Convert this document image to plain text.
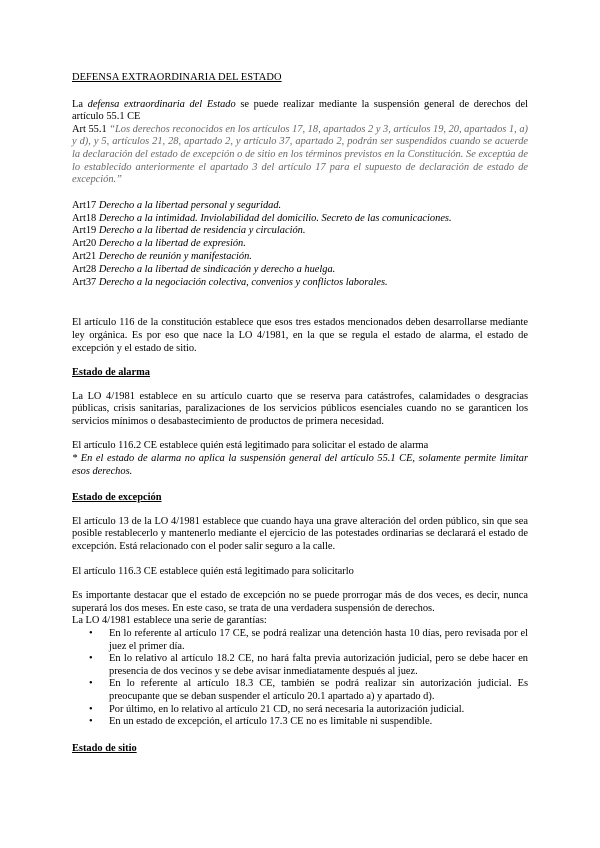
DEFENSA EXTRAORDINARIA DEL ESTADO

La defensa extraordinaria del Estado se puede realizar mediante la suspensión general de derechos del artículo 55.1 CE

Art 55.1 “Los derechos reconocidos en los artículos 17, 18, apartados 2 y 3, artículos 19, 20, apartados 1, a) y d), y 5, artículos 21, 28, apartado 2, y artículo 37, apartado 2, podrán ser suspendidos cuando se acuerde la declaración del estado de excepción o de sitio en los términos previstos en la Constitución. Se exceptúa de lo establecido anteriormente el apartado 3 del artículo 17 para el supuesto de declaración de estado de excepción.”

Art17 Derecho a la libertad personal y seguridad.
Art18 Derecho a la intimidad. Inviolabilidad del domicilio. Secreto de las comunicaciones.
Art19 Derecho a la libertad de residencia y circulación.
Art20 Derecho a la libertad de expresión.
Art21 Derecho de reunión y manifestación.
Art28 Derecho a la libertad de sindicación y derecho a huelga.
Art37 Derecho a la negociación colectiva, convenios y conflictos laborales.

El artículo 116 de la constitución establece que esos tres estados mencionados deben desarrollarse mediante ley orgánica. Es por eso que nace la LO 4/1981, en la que se regula el estado de alarma, el estado de excepción y el estado de sitio.

Estado de alarma

La LO 4/1981 establece en su artículo cuarto que se reserva para catástrofes, calamidades o desgracias públicas, crisis sanitarias, paralizaciones de los servicios públicos esenciales cuando no se garanticen los servicios mínimos o desabastecimiento de productos de primera necesidad.

El artículo 116.2 CE establece quién está legitimado para solicitar el estado de alarma

* En el estado de alarma no aplica la suspensión general del artículo 55.1 CE, solamente permite limitar esos derechos.

Estado de excepción

El artículo 13 de la LO 4/1981 establece que cuando haya una grave alteración del orden público, sin que sea posible restablecerlo y mantenerlo mediante el ejercicio de las potestades ordinarias se declarará el estado de excepción. Está relacionado con el poder salir seguro a la calle.

El artículo 116.3 CE establece quién está legitimado para solicitarlo

Es importante destacar que el estado de excepción no se puede prorrogar más de dos veces, es decir, nunca superará los dos meses. En este caso, se trata de una verdadera suspensión de derechos.

La LO 4/1981 establece una serie de garantías:

• En lo referente al artículo 17 CE, se podrá realizar una detención hasta 10 días, pero revisada por el juez el primer día.
• En lo relativo al artículo 18.2 CE, no hará falta previa autorización judicial, pero se debe hacer en presencia de dos vecinos y se debe avisar inmediatamente después al juez.
• En lo referente al artículo 18.3 CE, también se podrá realizar sin autorización judicial. Es preocupante que se deban suspender el artículo 20.1 apartado a) y apartado d).
• Por último, en lo relativo al artículo 21 CD, no será necesaria la autorización judicial.
• En un estado de excepción, el artículo 17.3 CE no es limitable ni suspendible.
Estado de sitio
